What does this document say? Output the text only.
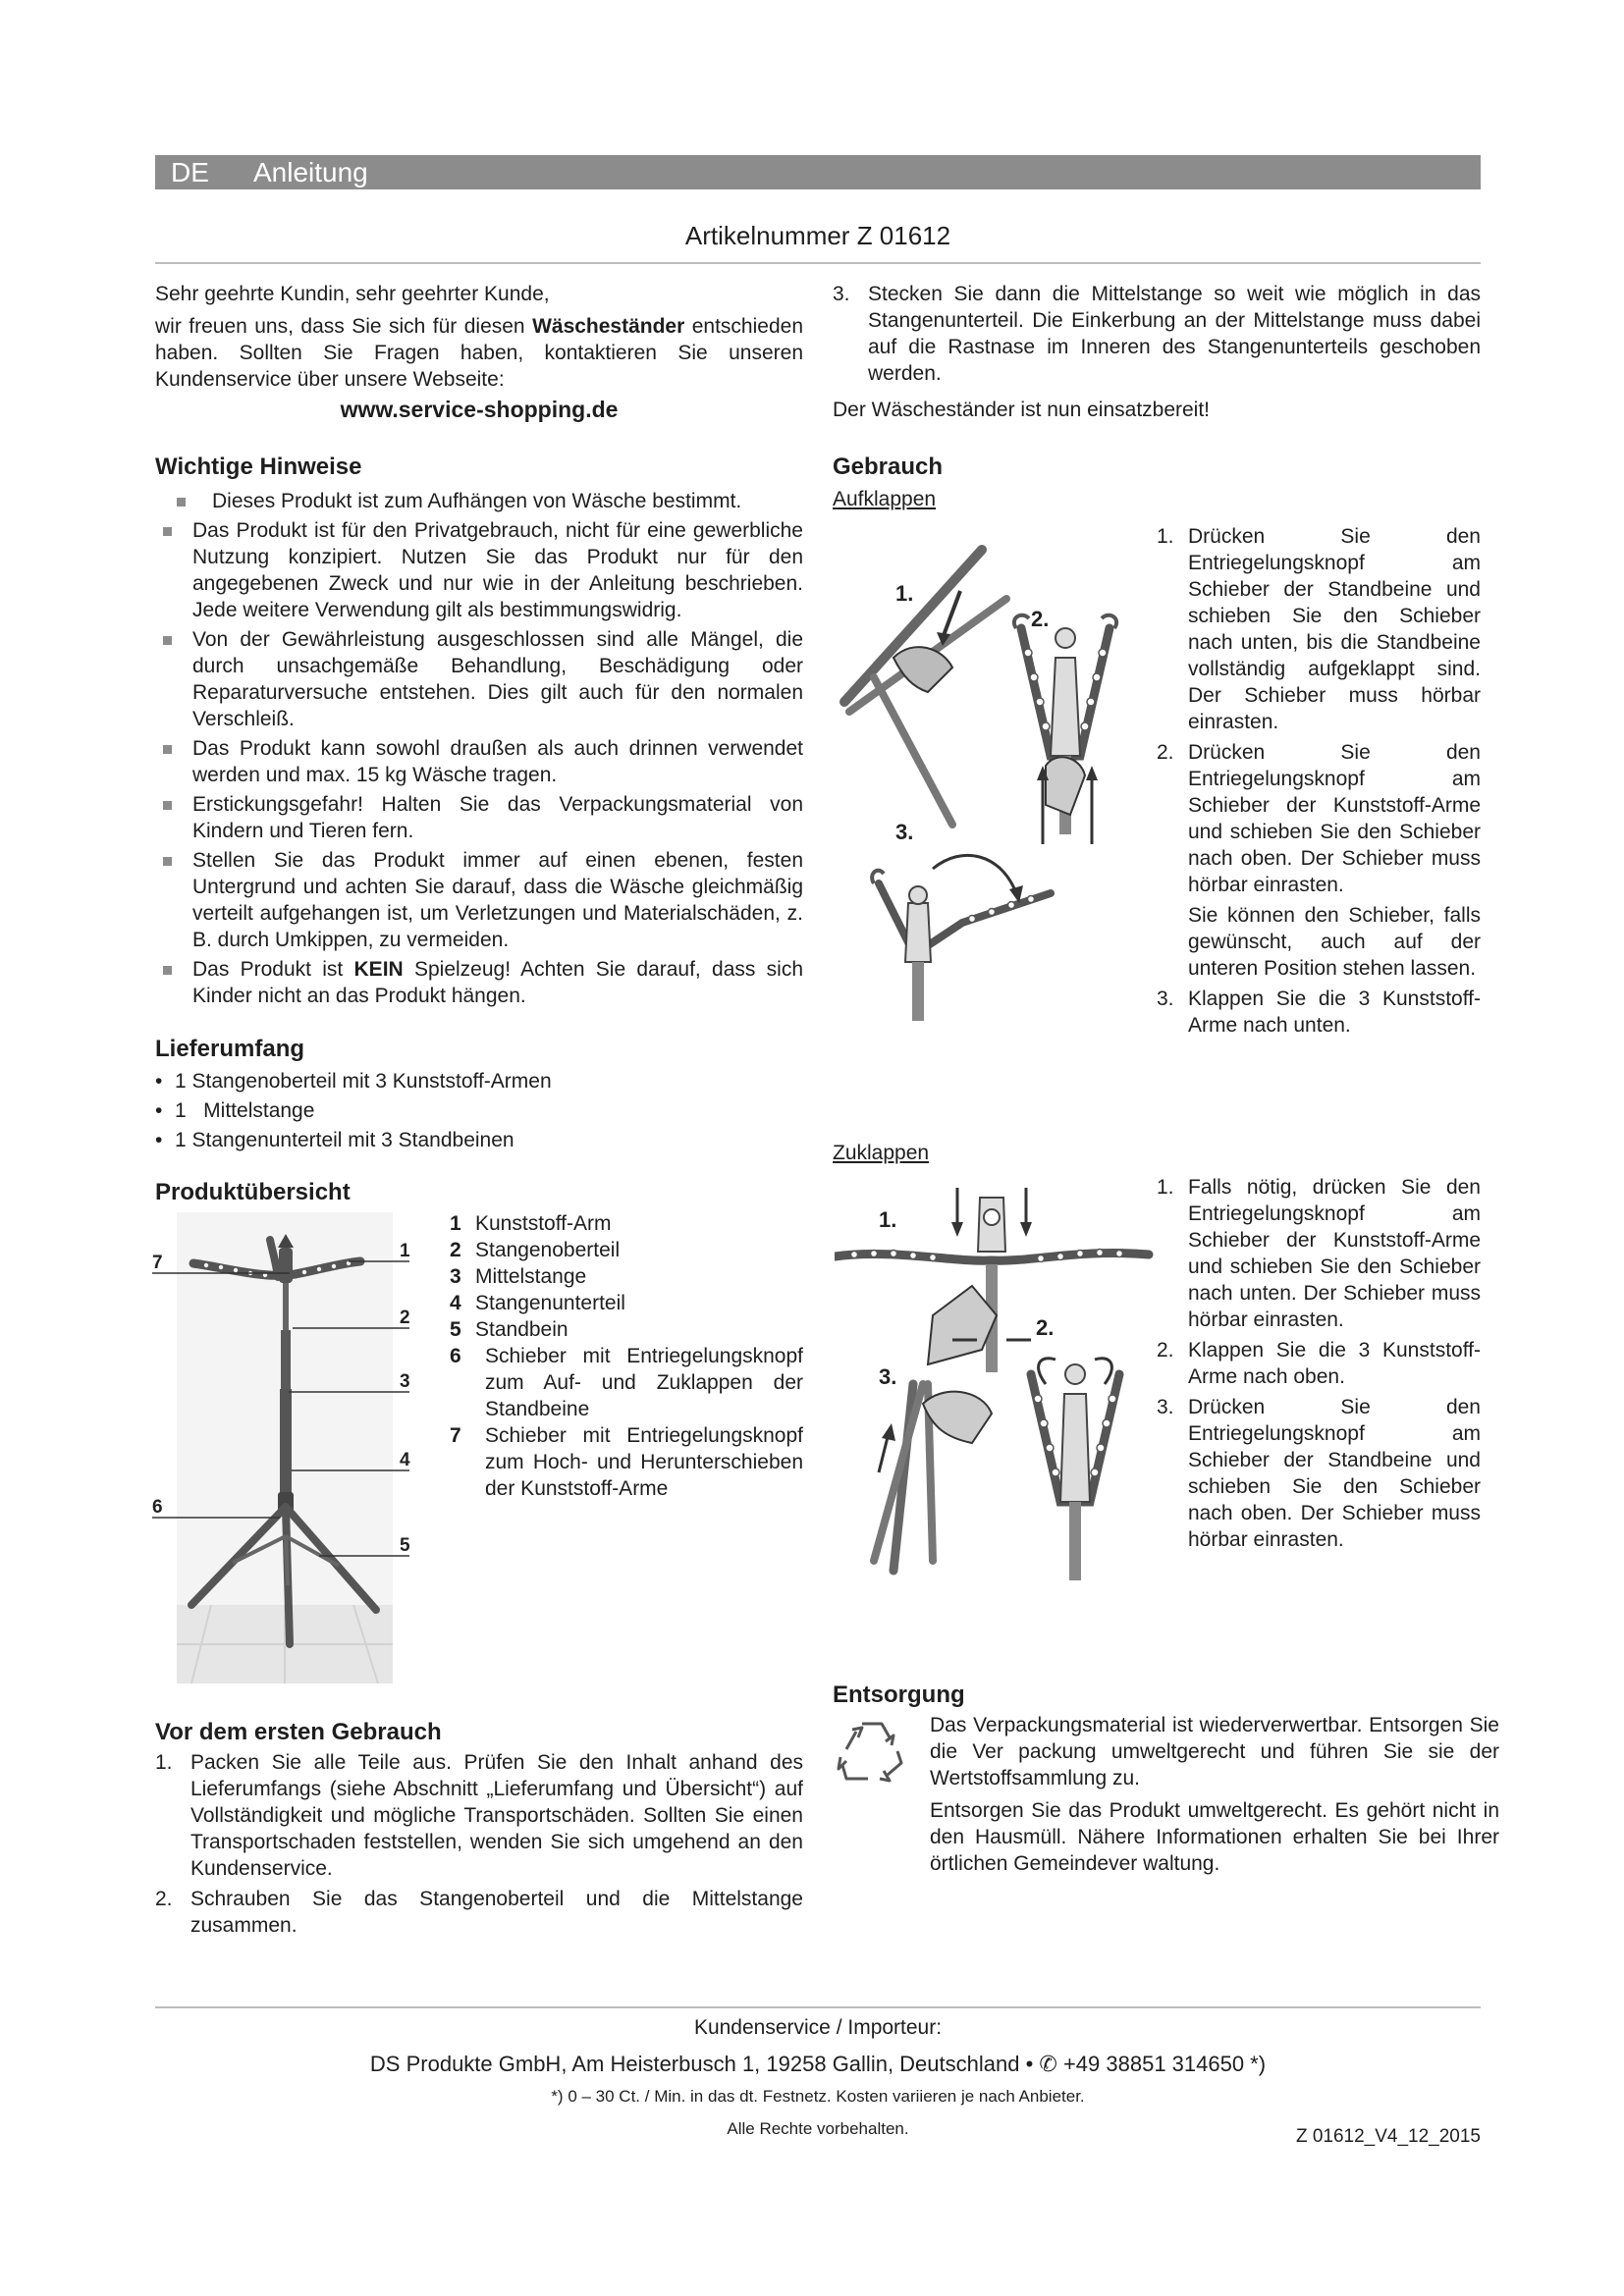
DE Anleitung
Artikelnummer Z 01612

Sehr geehrte Kundin, sehr geehrter Kunde,

wir freuen uns, dass Sie sich für diesen Wäscheständer entschieden haben. Sollten Sie Fragen haben, kontaktieren Sie unseren Kundenservice über unsere Webseite:

www.service-shopping.de

Wichtige Hinweise
Dieses Produkt ist zum Aufhängen von Wäsche bestimmt.
Das Produkt ist für den Privatgebrauch, nicht für eine gewerbliche Nutzung konzipiert. Nutzen Sie das Produkt nur für den angegebenen Zweck und nur wie in der Anleitung beschrieben. Jede weitere Verwendung gilt als bestimmungswidrig.
Von der Gewährleistung ausgeschlossen sind alle Mängel, die durch unsachgemäße Behandlung, Beschädigung oder Reparaturversuche entstehen. Dies gilt auch für den normalen Verschleiß.
Das Produkt kann sowohl draußen als auch drinnen verwendet werden und max. 15 kg Wäsche tragen.
Erstickungsgefahr! Halten Sie das Verpackungsmaterial von Kindern und Tieren fern.
Stellen Sie das Produkt immer auf einen ebenen, festen Untergrund und achten Sie darauf, dass die Wäsche gleichmäßig verteilt aufgehangen ist, um Verletzungen und Materialschäden, z. B. durch Umkippen, zu vermeiden.
Das Produkt ist KEIN Spielzeug! Achten Sie darauf, dass sich Kinder nicht an das Produkt hängen.
Lieferumfang
• 1 Stangenoberteil mit 3 Kunststoff-Armen
• 1   Mittelstange
• 1 Stangenunterteil mit 3 Standbeinen
Produktübersicht
7
1
2
3
4
6
5
1 Kunststoff-Arm
2 Stangenoberteil
3 Mittelstange
4 Stangenunterteil
5 Standbein
6 Schieber mit Entriegelungsknopf zum Auf- und Zuklappen der Standbeine
7 Schieber mit Entriegelungsknopf zum Hoch- und Herunterschieben der Kunststoff-Arme
Vor dem ersten Gebrauch
1. Packen Sie alle Teile aus. Prüfen Sie den Inhalt anhand des Lieferumfangs (siehe Abschnitt „Lieferumfang und Übersicht“) auf Vollständigkeit und mögliche Transportschäden. Sollten Sie einen Transportschaden feststellen, wenden Sie sich umgehend an den Kundenservice.
2. Schrauben Sie das Stangenoberteil und die Mittelstange zusammen.
3. Stecken Sie dann die Mittelstange so weit wie möglich in das Stangenunterteil. Die Einkerbung an der Mittelstange muss dabei auf die Rastnase im Inneren des Stangenunterteils geschoben werden.

Der Wäscheständer ist nun einsatzbereit!

Gebrauch

Aufklappen

1.
2.
3.
1. Drücken Sie den Entriegelungsknopf am Schieber der Standbeine und schieben Sie den Schieber nach unten, bis die Standbeine vollständig aufgeklappt sind. Der Schieber muss hörbar einrasten.
2. Drücken Sie den Entriegelungsknopf am Schieber der Kunststoff-Arme und schieben Sie den Schieber nach oben. Der Schieber muss hörbar einrasten.
Sie können den Schieber, falls gewünscht, auch auf der unteren Position stehen lassen.
3. Klappen Sie die 3 Kunststoff-Arme nach unten.

Zuklappen

1.
2.
3.
1. Falls nötig, drücken Sie den Entriegelungsknopf am Schieber der Kunststoff-Arme und schieben Sie den Schieber nach unten. Der Schieber muss hörbar einrasten.
2. Klappen Sie die 3 Kunststoff-Arme nach oben.
3. Drücken Sie den Entriegelungsknopf am Schieber der Standbeine und schieben Sie den Schieber nach oben. Der Schieber muss hörbar einrasten.
Entsorgung

Das Verpackungsmaterial ist wiederverwertbar. Entsorgen Sie die Ver packung umweltgerecht und führen Sie sie der Wertstoffsammlung zu.

Entsorgen Sie das Produkt umweltgerecht. Es gehört nicht in den Hausmüll. Nähere Informationen erhalten Sie bei Ihrer örtlichen Gemeindever waltung.

Kundenservice / Importeur:
DS Produkte GmbH, Am Heisterbusch 1, 19258 Gallin, Deutschland • ✆ +49 38851 314650 *)
*) 0 – 30 Ct. / Min. in das dt. Festnetz. Kosten variieren je nach Anbieter.
Alle Rechte vorbehalten.	Z 01612_V4_12_2015
